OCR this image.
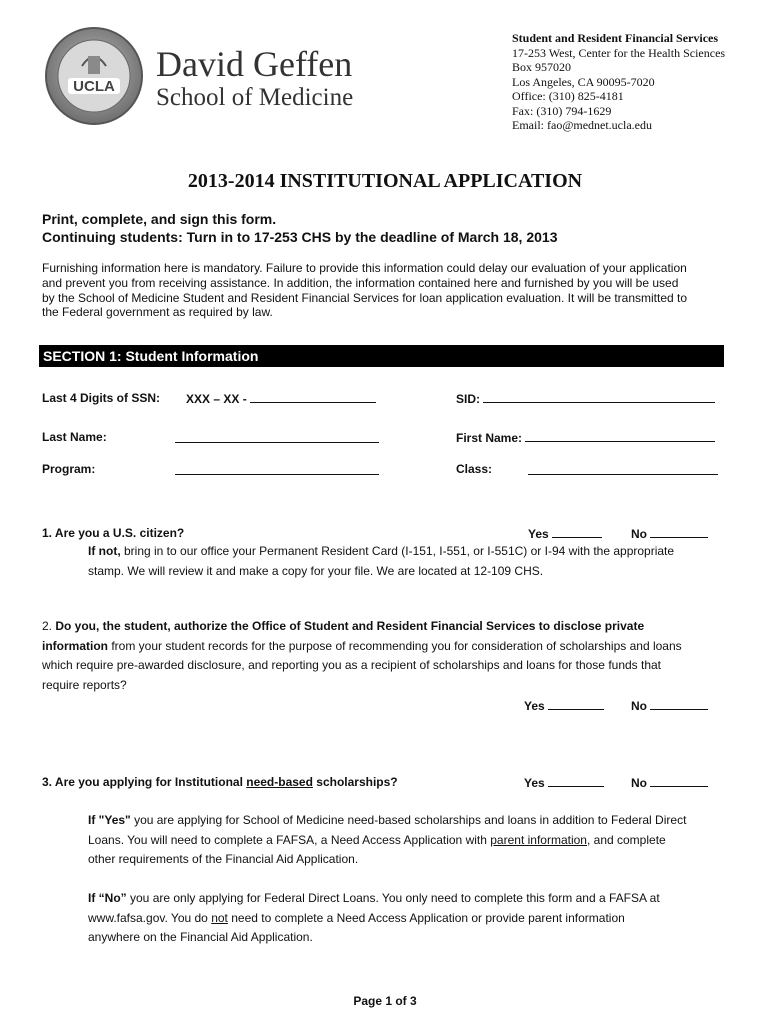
UCLA
David Geffen
School of Medicine
Student and Resident Financial Services
17-253 West, Center for the Health Sciences
Box 957020
Los Angeles, CA 90095-7020
Office: (310) 825-4181
Fax: (310) 794-1629
Email: fao@mednet.ucla.edu
2013-2014 INSTITUTIONAL APPLICATION
Print, complete, and sign this form.
Continuing students: Turn in to 17-253 CHS by the deadline of March 18, 2013
Furnishing information here is mandatory. Failure to provide this information could delay our evaluation of your application
and prevent you from receiving assistance. In addition, the information contained here and furnished by you will be used
by the School of Medicine Student and Resident Financial Services for loan application evaluation. It will be transmitted to
the Federal government as required by law.
SECTION 1: Student Information
Last 4 Digits of SSN: XXX – XX -	SID:
Last Name:	First Name:
Program:	Class:
1. Are you a U.S. citizen?	Yes	No
If not, bring in to our office your Permanent Resident Card (I-151, I-551, or I-551C) or I-94 with the appropriate
stamp. We will review it and make a copy for your file. We are located at 12-109 CHS.
2. Do you, the student, authorize the Office of Student and Resident Financial Services to disclose private
information from your student records for the purpose of recommending you for consideration of scholarships and loans
which require pre-awarded disclosure, and reporting you as a recipient of scholarships and loans for those funds that
require reports?
Yes	No
3. Are you applying for Institutional need-based scholarships?	Yes	No
If "Yes" you are applying for School of Medicine need-based scholarships and loans in addition to Federal Direct
Loans. You will need to complete a FAFSA, a Need Access Application with parent information, and complete
other requirements of the Financial Aid Application.
If “No” you are only applying for Federal Direct Loans. You only need to complete this form and a FAFSA at
www.fafsa.gov. You do not need to complete a Need Access Application or provide parent information
anywhere on the Financial Aid Application.
Page 1 of 3
